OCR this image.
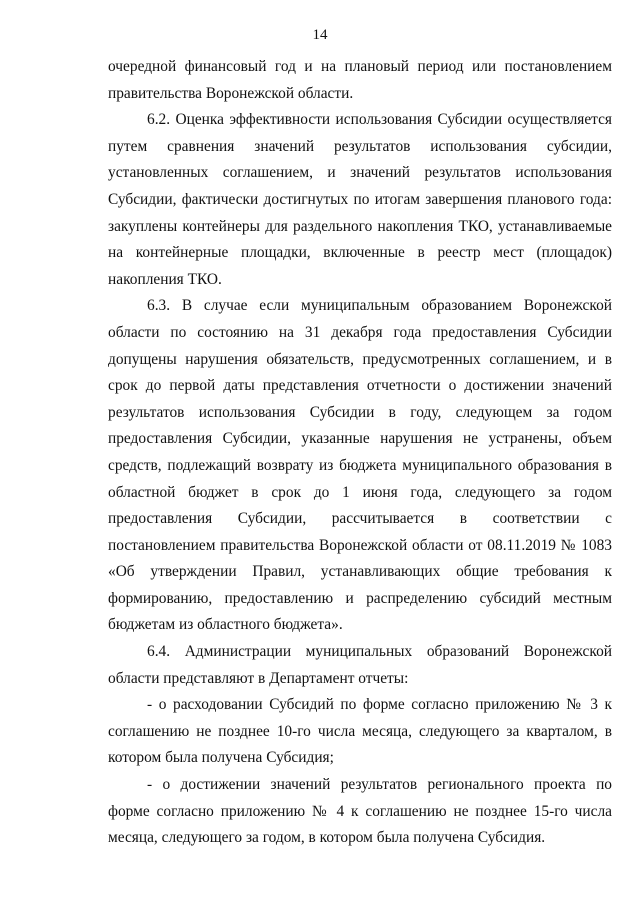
14

очередной финансовый год и на плановый период или постановлением правительства Воронежской области.

6.2. Оценка эффективности использования Субсидии осуществляется путем сравнения значений результатов использования субсидии, установленных соглашением, и значений результатов использования Субсидии, фактически достигнутых по итогам завершения планового года: закуплены контейнеры для раздельного накопления ТКО, устанавливаемые на контейнерные площадки, включенные в реестр мест (площадок) накопления ТКО.

6.3. В случае если муниципальным образованием Воронежской области по состоянию на 31 декабря года предоставления Субсидии допущены нарушения обязательств, предусмотренных соглашением, и в срок до первой даты представления отчетности о достижении значений результатов использования Субсидии в году, следующем за годом предоставления Субсидии, указанные нарушения не устранены, объем средств, подлежащий возврату из бюджета муниципального образования в областной бюджет в срок до 1 июня года, следующего за годом предоставления Субсидии, рассчитывается в соответствии с постановлением правительства Воронежской области от 08.11.2019 № 1083 «Об утверждении Правил, устанавливающих общие требования к формированию, предоставлению и распределению субсидий местным бюджетам из областного бюджета».

6.4. Администрации муниципальных образований Воронежской области представляют в Департамент отчеты:

- о расходовании Субсидий по форме согласно приложению № 3 к соглашению не позднее 10-го числа месяца, следующего за кварталом, в котором была получена Субсидия;

- о достижении значений результатов регионального проекта по форме согласно приложению № 4 к соглашению не позднее 15-го числа месяца, следующего за годом, в котором была получена Субсидия.
